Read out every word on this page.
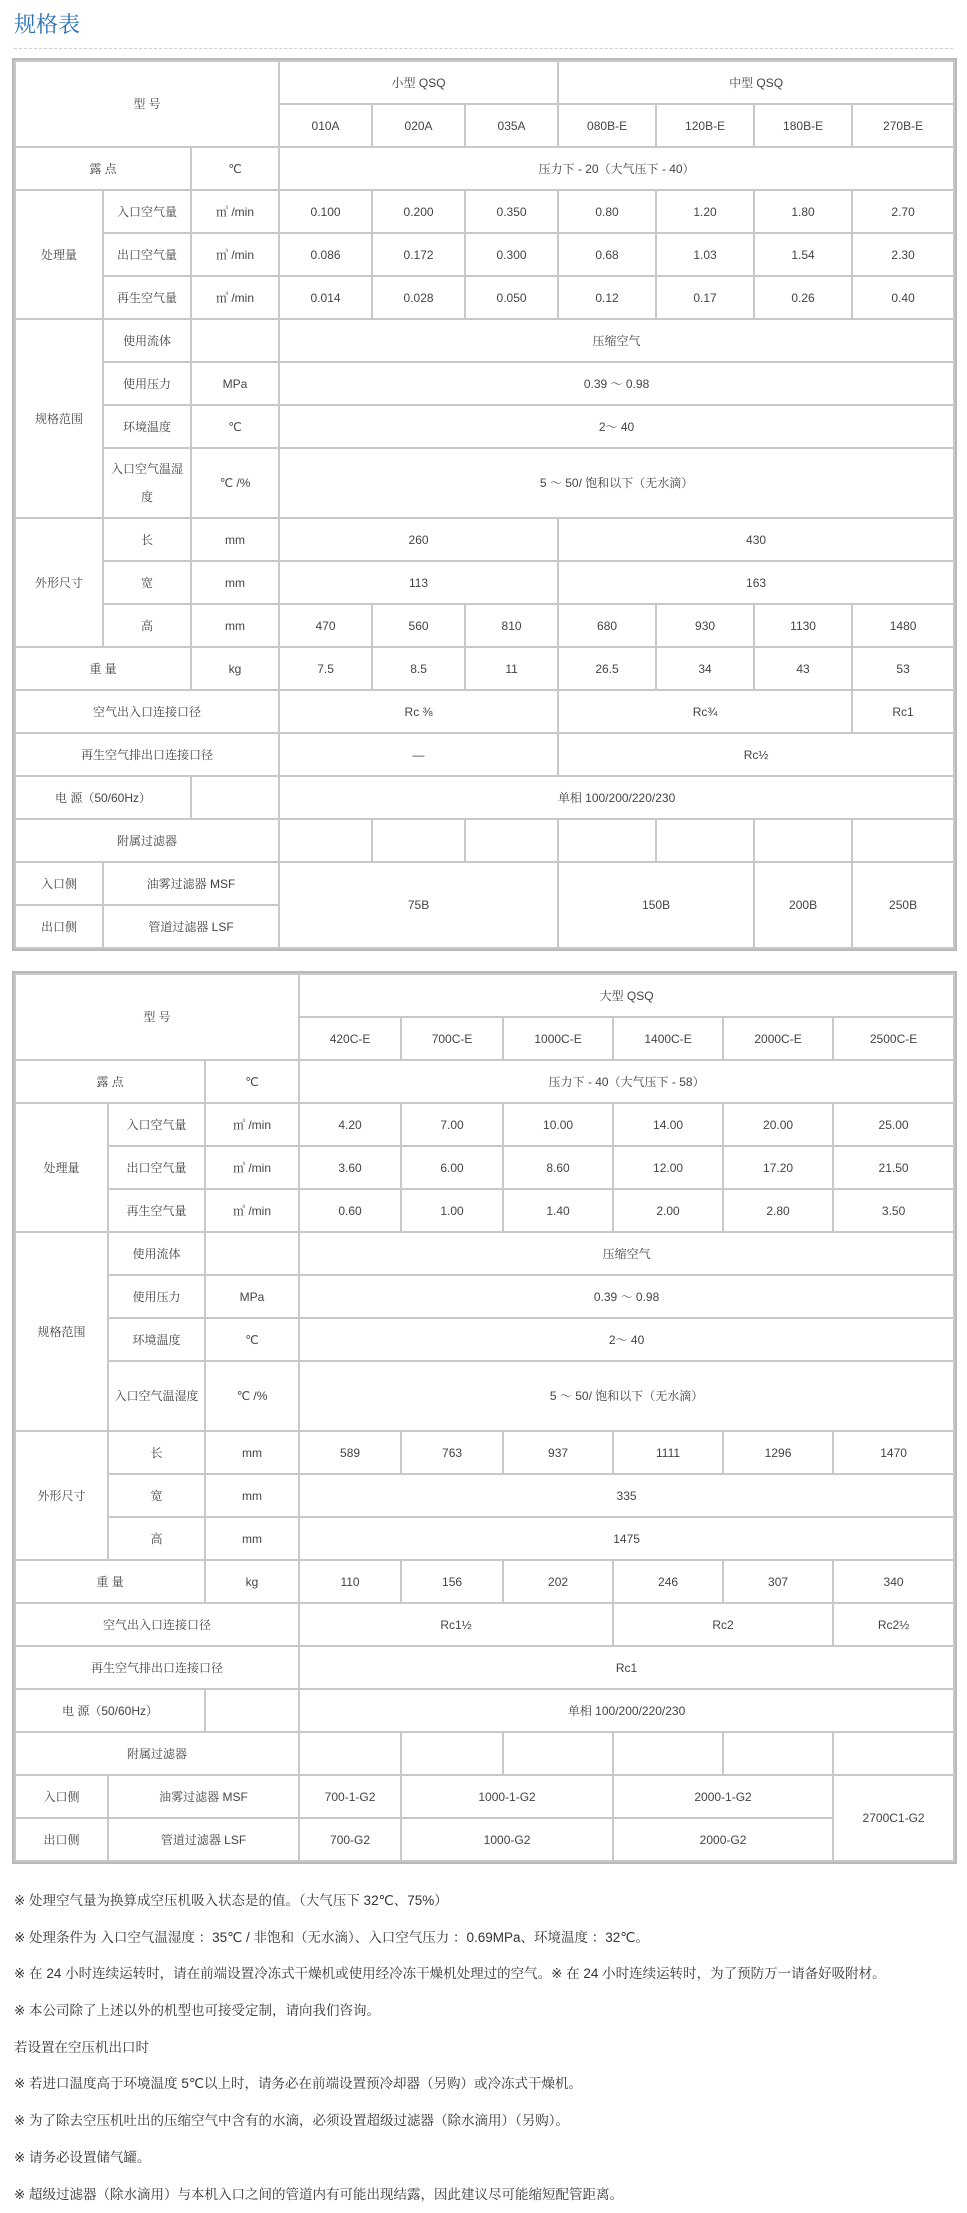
规格表
型 号			小型 QSQ			中型 QSQ			
			010A	020A	035A	080B-E	120B-E	180B-E	270B-E
露 点		℃	压力下 - 20（大气压下 - 40）						
处理量	入口空气量	㎥ /min	0.100	0.200	0.350	0.80	1.20	1.80	2.70
	出口空气量	㎥ /min	0.086	0.172	0.300	0.68	1.03	1.54	2.30
	再生空气量	㎥ /min	0.014	0.028	0.050	0.12	0.17	0.26	0.40
规格范围	使用流体		压缩空气						
	使用压力	MPa	0.39 ～ 0.98						
	环境温度	℃	2～ 40						
	入口空气温湿度	℃ /%	5 ～ 50/ 饱和以下（无水滴）						
外形尺寸	长	mm	260			430			
	宽	mm	113			163			
	高	mm	470	560	810	680	930	1130	1480
重 量		kg	7.5	8.5	11	26.5	34	43	53
空气出入口连接口径			Rc ⅜			Rc¾			Rc1
再生空气排出口连接口径			—			Rc½			
电 源（50/60Hz）			单相 100/200/220/230						
附属过滤器									
入口侧	油雾过滤器 MSF		75B			150B		200B	250B
出口侧	管道过滤器 LSF								
型 号			大型 QSQ					
			420C-E	700C-E	1000C-E	1400C-E	2000C-E	2500C-E
露 点		℃	压力下 - 40（大气压下 - 58）					
处理量	入口空气量	㎥ /min	4.20	7.00	10.00	14.00	20.00	25.00
	出口空气量	㎥ /min	3.60	6.00	8.60	12.00	17.20	21.50
	再生空气量	㎥ /min	0.60	1.00	1.40	2.00	2.80	3.50
规格范围	使用流体		压缩空气					
	使用压力	MPa	0.39 ～ 0.98					
	环境温度	℃	2～ 40					
	入口空气温湿度	℃ /%	5 ～ 50/ 饱和以下（无水滴）					
外形尺寸	长	mm	589	763	937	1111	1296	1470
	宽	mm	335					
	高	mm	1475					
重 量		kg	110	156	202	246	307	340
空气出入口连接口径			Rc1½			Rc2		Rc2½
再生空气排出口连接口径			Rc1					
电 源（50/60Hz）			单相 100/200/220/230					
附属过滤器								
入口侧	油雾过滤器 MSF		700-1-G2	1000-1-G2		2000-1-G2		2700C1-G2
出口侧	管道过滤器 LSF		700-G2	1000-G2		2000-G2		
※ 处理空气量为换算成空压机吸入状态是的值。（大气压下 32℃、75%）
※ 处理条件为 入口空气温湿度 ：35℃ / 非饱和（无水滴）、入口空气压力 ：0.69MPa、环境温度 ：32℃。
※ 在 24 小时连续运转时，请在前端设置冷冻式干燥机或使用经冷冻干燥机处理过的空气。※ 在 24 小时连续运转时，为了预防万一请备好吸附材。
※ 本公司除了上述以外的机型也可接受定制，请向我们咨询。
若设置在空压机出口时
※ 若进口温度高于环境温度 5℃以上时，请务必在前端设置预冷却器（另购）或冷冻式干燥机。
※ 为了除去空压机吐出的压缩空气中含有的水滴，必须设置超级过滤器（除水滴用）（另购）。
※ 请务必设置储气罐。
※ 超级过滤器（除水滴用）与本机入口之间的管道内有可能出现结露，因此建议尽可能缩短配管距离。
